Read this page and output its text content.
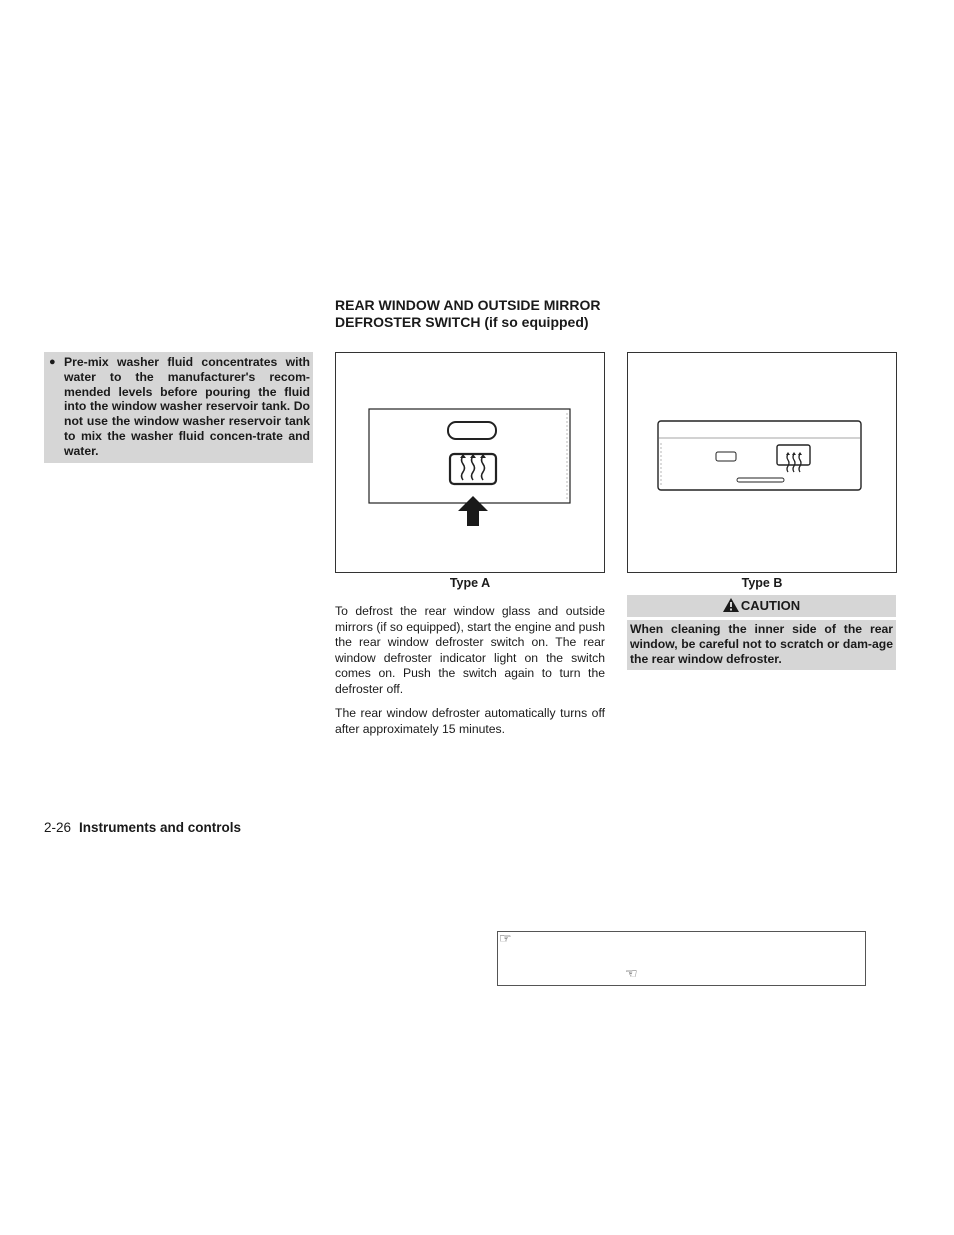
● Pre-mix washer fluid concentrates with water to the manufacturer's recom-mended levels before pouring the fluid into the window washer reservoir tank. Do not use the window washer reservoir tank to mix the washer fluid concen-trate and water.
REAR WINDOW AND OUTSIDE MIRROR DEFROSTER SWITCH (if so equipped)
Type A	Type B
To defrost the rear window glass and outside mirrors (if so equipped), start the engine and push the rear window defroster switch on. The rear window defroster indicator light on the switch comes on. Push the switch again to turn the defroster off.
The rear window defroster automatically turns off after approximately 15 minutes.
CAUTION
When cleaning the inner side of the rear window, be careful not to scratch or dam-age the rear window defroster.
2-26 Instruments and controls
☞
☜
